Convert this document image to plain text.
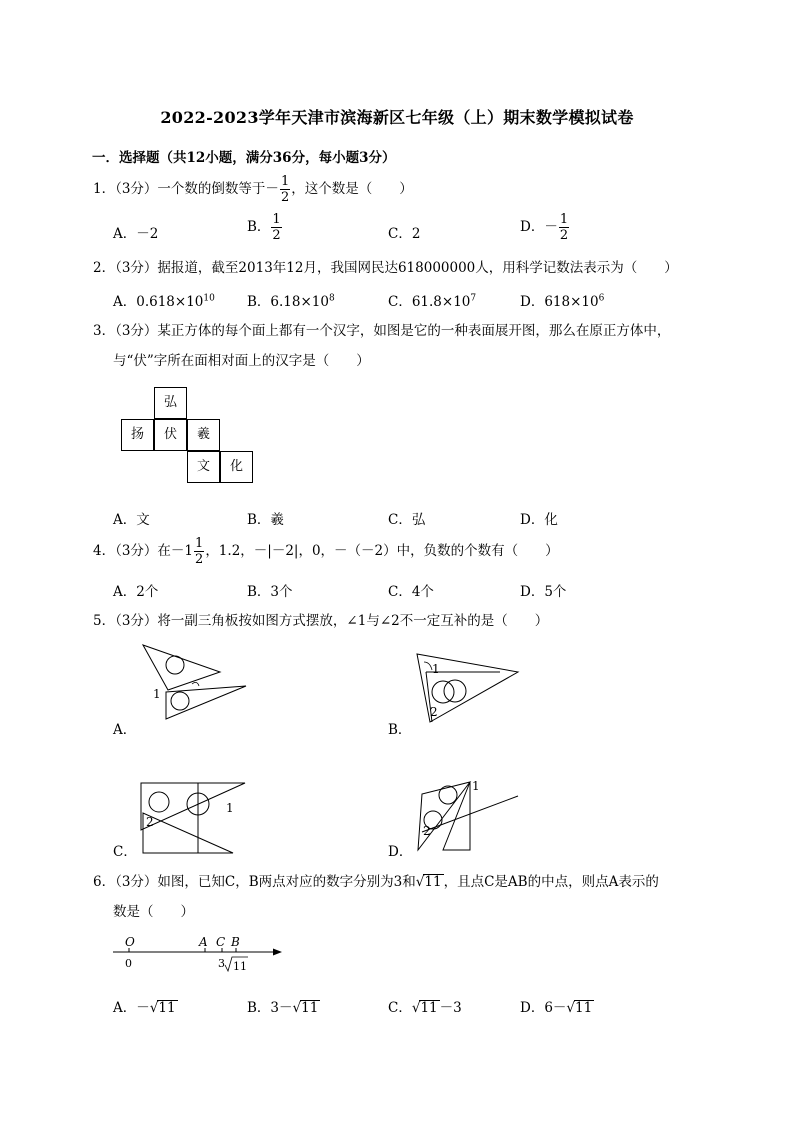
2022-2023学年天津市滨海新区七年级（上）期末数学模拟试卷
一．选择题（共12小题，满分36分，每小题3分）
1．（3分）一个数的倒数等于－ $\frac{1}{2}$ ，这个数是（　　）
A．－2	B． $\frac{1}{2}$	C．2	D．－ $\frac{1}{2}$
2．（3分）据报道，截至2013年12月，我国网民达618000000人，用科学记数法表示为（　　）
A．$0.618\times 10^{10}$ B．$6.18\times 10^8$	C．$61.8\times 10^7$	D．$618\times 10^6$
3．（3分）某正方体的每个面上都有一个汉字，如图是它的一种表面展开图，那么在原正方体中，
与“伏”字所在面相对面上的汉字是（　　）
弘
扬	伏	羲
文	化
A．文	B．羲	C．弘	D．化
4．（3分）在$-1 \frac{1}{2}$ ，1.2，－|－2|，0，－（－2）中，负数的个数有（　　）
A．2个	B．3个	C．4个	D．5个
5．（3分）将一副三角板按如图方式摆放，∠1与∠2不一定互补的是（　　）
1
A．
1
2
B．
2
1
C．
1
2
D．
6．（3分）如图，已知C，B两点对应的数字分别为3和√11 ，且点C是AB的中点，则点A表示的
数是（　　）
O	A C B
0	3 11
A．－√11	B．3－√11	C．√11 －3	D．6－√11
